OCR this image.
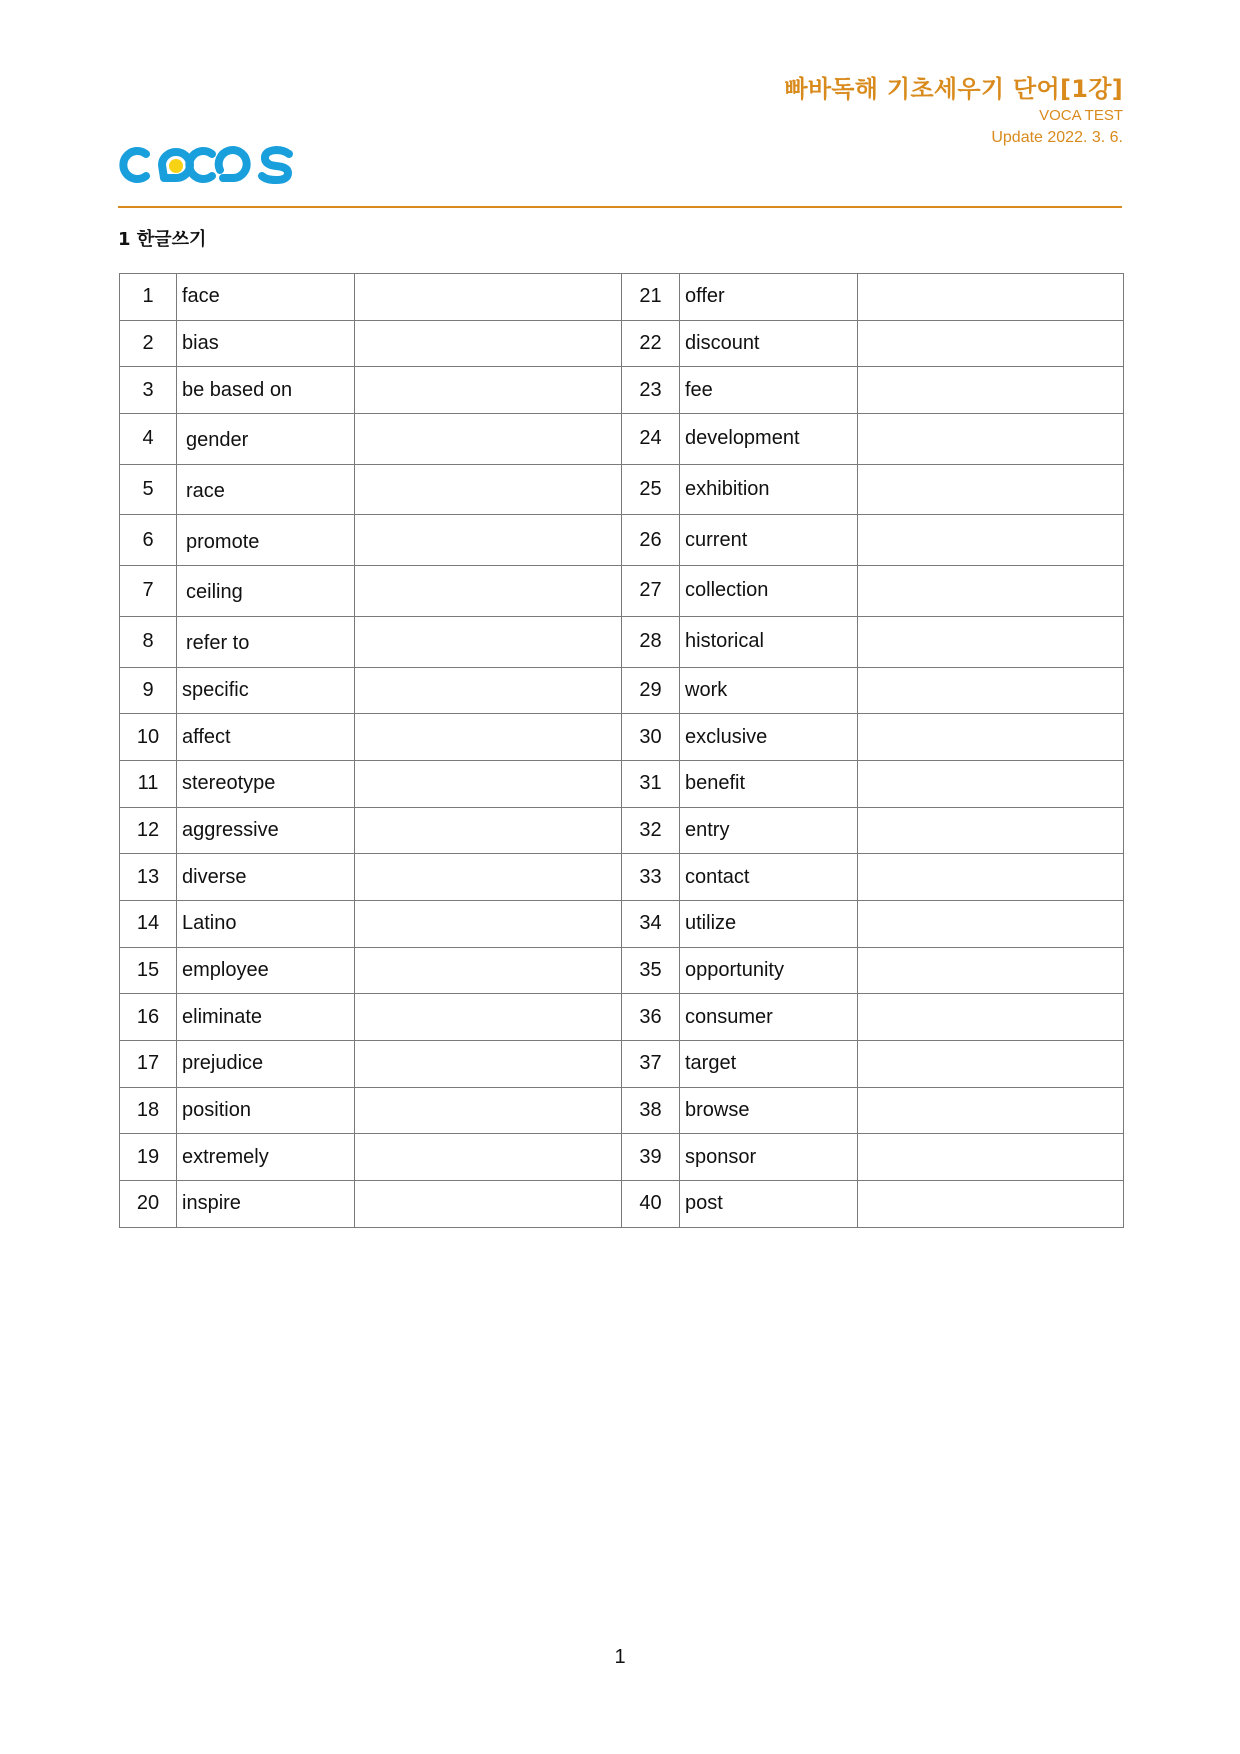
빠바독해 기초세우기 단어[1강]
VOCA TEST
Update 2022. 3. 6.
1 한글쓰기
1	face		21	offer	
2	bias		22	discount	
3	be based on		23	fee	
4	gender		24	development	
5	race		25	exhibition	
6	promote		26	current	
7	ceiling		27	collection	
8	refer to		28	historical	
9	specific		29	work	
10	affect		30	exclusive	
11	stereotype		31	benefit	
12	aggressive		32	entry	
13	diverse		33	contact	
14	Latino		34	utilize	
15	employee		35	opportunity	
16	eliminate		36	consumer	
17	prejudice		37	target	
18	position		38	browse	
19	extremely		39	sponsor	
20	inspire		40	post	
1
